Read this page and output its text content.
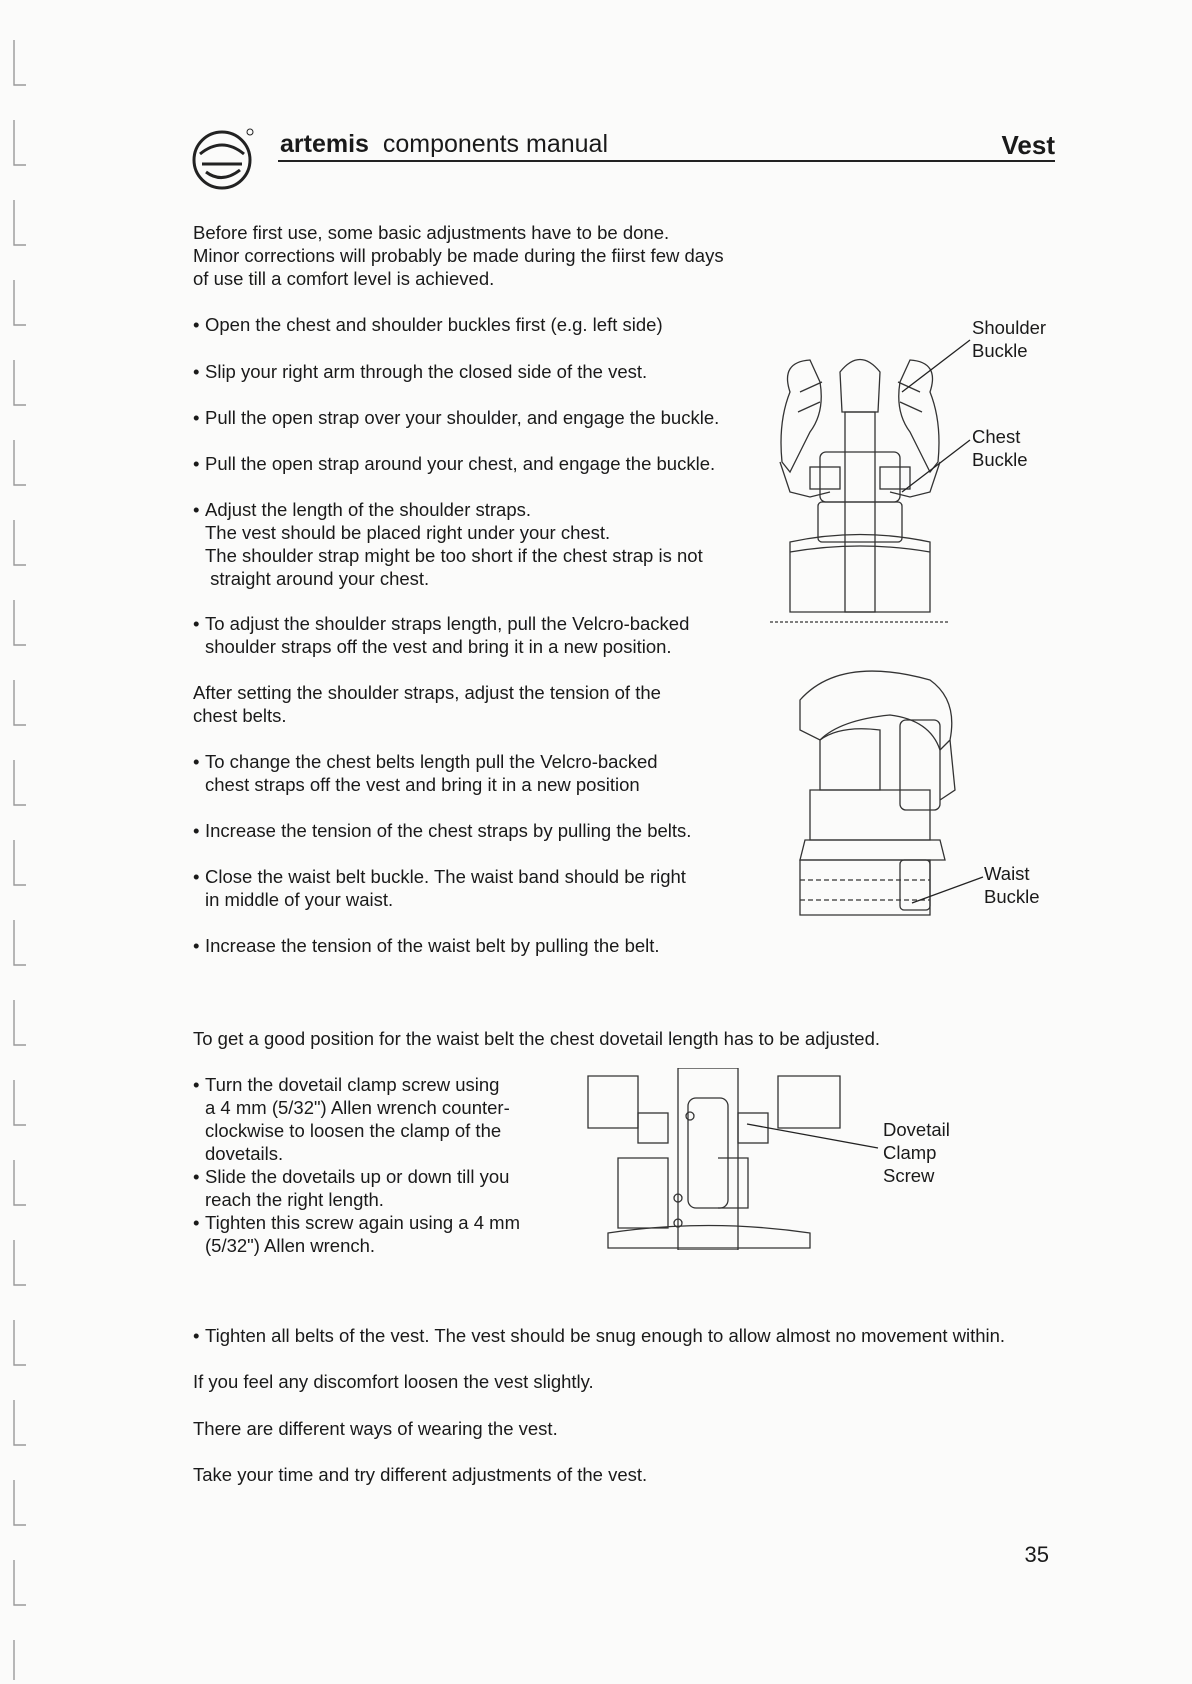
artemis components manual	Vest
Before first use, some basic adjustments have to be done.
Minor corrections will probably be made during the fiirst few days
of use till a comfort level is achieved.
• Open the chest and shoulder buckles first (e.g. left side)
• Slip your right arm through the closed side of the vest.
• Pull the open strap over your shoulder, and engage the buckle.
• Pull the open strap around your chest, and engage the buckle.
• Adjust the length of the shoulder straps.
The vest should be placed right under your chest.
The shoulder strap might be too short if the chest strap is not
straight around your chest.
• To adjust the shoulder straps length, pull the Velcro-backed
shoulder straps off the vest and bring it in a new position.
After setting the shoulder straps, adjust the tension of the
chest belts.
• To change the chest belts length pull the Velcro-backed
chest straps off the vest and bring it in a new position
• Increase the tension of the chest straps by pulling the belts.
• Close the waist belt buckle. The waist band should be right
in middle of your waist.
• Increase the tension of the waist belt by pulling the belt.
Shoulder
Buckle
Chest
Buckle
Waist
Buckle
To get a good position for the waist belt the chest dovetail length has to be adjusted.
• Turn the dovetail clamp screw using
a 4 mm (5/32") Allen wrench counter-
clockwise to loosen the clamp of the
dovetails.
• Slide the dovetails up or down till you
reach the right length.
• Tighten this screw again using a 4 mm
(5/32") Allen wrench.
Dovetail
Clamp
Screw
• Tighten all belts of the vest. The vest should be snug enough to allow almost no movement within.
If you feel any discomfort loosen the vest slightly.
There are different ways of wearing the vest.
Take your time and try different adjustments of the vest.
35
